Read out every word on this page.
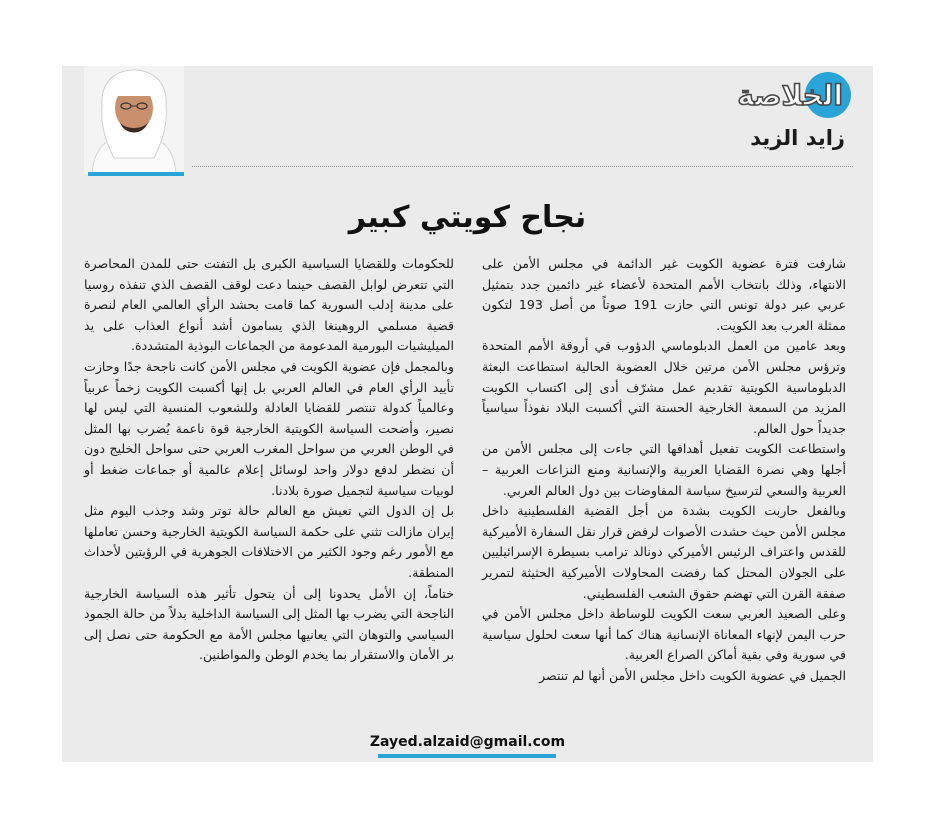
الخلاصة
زايد الزيد
نجاح كويتي كبير

شارفت فترة عضوية الكويت غير الدائمة في مجلس الأمن على الانتهاء، وذلك بانتخاب الأمم المتحدة لأعضاء غير دائمين جدد بتمثيل عربي عبر دولة تونس التي حازت 191 صوتاً من أصل 193 لتكون ممثلة العرب بعد الكويت.

وبعد عامين من العمل الدبلوماسي الدؤوب في أروقة الأمم المتحدة وترؤس مجلس الأمن مرتين خلال العضوية الحالية استطاعت البعثة الدبلوماسية الكويتية تقديم عمل مشرّف أدى إلى اكتساب الكويت المزيد من السمعة الخارجية الحسنة التي أكسبت البلاد نفوذاً سياسياً جديداً حول العالم.

واستطاعت الكويت تفعيل أهدافها التي جاءت إلى مجلس الأمن من أجلها وهي نصرة القضايا العربية والإنسانية ومنع النزاعات العربية – العربية والسعي لترسيخ سياسة المفاوضات بين دول العالم العربي.

وبالفعل حاربت الكويت بشدة من أجل القضية الفلسطينية داخل مجلس الأمن حيث حشدت الأصوات لرفض قرار نقل السفارة الأميركية للقدس واعتراف الرئيس الأميركي دونالد ترامب بسيطرة الإسرائيليين على الجولان المحتل كما رفضت المحاولات الأميركية الحثيثة لتمرير صفقة القرن التي تهضم حقوق الشعب الفلسطيني.

وعلى الصعيد العربي سعت الكويت للوساطة داخل مجلس الأمن في حرب اليمن لإنهاء المعاناة الإنسانية هناك كما أنها سعت لحلول سياسية في سورية وفي بقية أماكن الصراع العربية.

الجميل في عضوية الكويت داخل مجلس الأمن أنها لم تنتصر

للحكومات وللقضايا السياسية الكبرى بل التفتت حتى للمدن المحاصرة التي تتعرض لوابل القصف حينما دعت لوقف القصف الذي تنفذه روسيا على مدينة إدلب السورية كما قامت بحشد الرأي العالمي العام لنصرة قضية مسلمي الروهينغا الذي يسامون أشد أنواع العذاب على يد الميليشيات البورمية المدعومة من الجماعات البوذية المتشددة.

وبالمجمل فإن عضوية الكويت في مجلس الأمن كانت ناجحة جدًا وحازت تأييد الرأي العام في العالم العربي بل إنها أكسبت الكويت زخماً عربياً وعالمياً كدولة تنتصر للقضايا العادلة وللشعوب المنسية التي ليس لها نصير، وأضحت السياسة الكويتية الخارجية قوة ناعمة يُضرب بها المثل في الوطن العربي من سواحل المغرب العربي حتى سواحل الخليج دون أن نضطر لدفع دولار واحد لوسائل إعلام عالمية أو جماعات ضغط أو لوبيات سياسية لتجميل صورة بلادنا.

بل إن الدول التي تعيش مع العالم حالة توتر وشد وجذب اليوم مثل إيران مازالت تثني على حكمة السياسة الكويتية الخارجية وحسن تعاملها مع الأمور رغم وجود الكثير من الاختلافات الجوهرية في الرؤيتين لأحداث المنطقة.

ختاماً، إن الأمل يحدونا إلى أن يتحول تأثير هذه السياسة الخارجية الناجحة التي يضرب بها المثل إلى السياسة الداخلية بدلاً من حالة الجمود السياسي والتوهان التي يعانيها مجلس الأمة مع الحكومة حتى نصل إلى بر الأمان والاستقرار بما يخدم الوطن والمواطنين.

Zayed.alzaid@gmail.com
